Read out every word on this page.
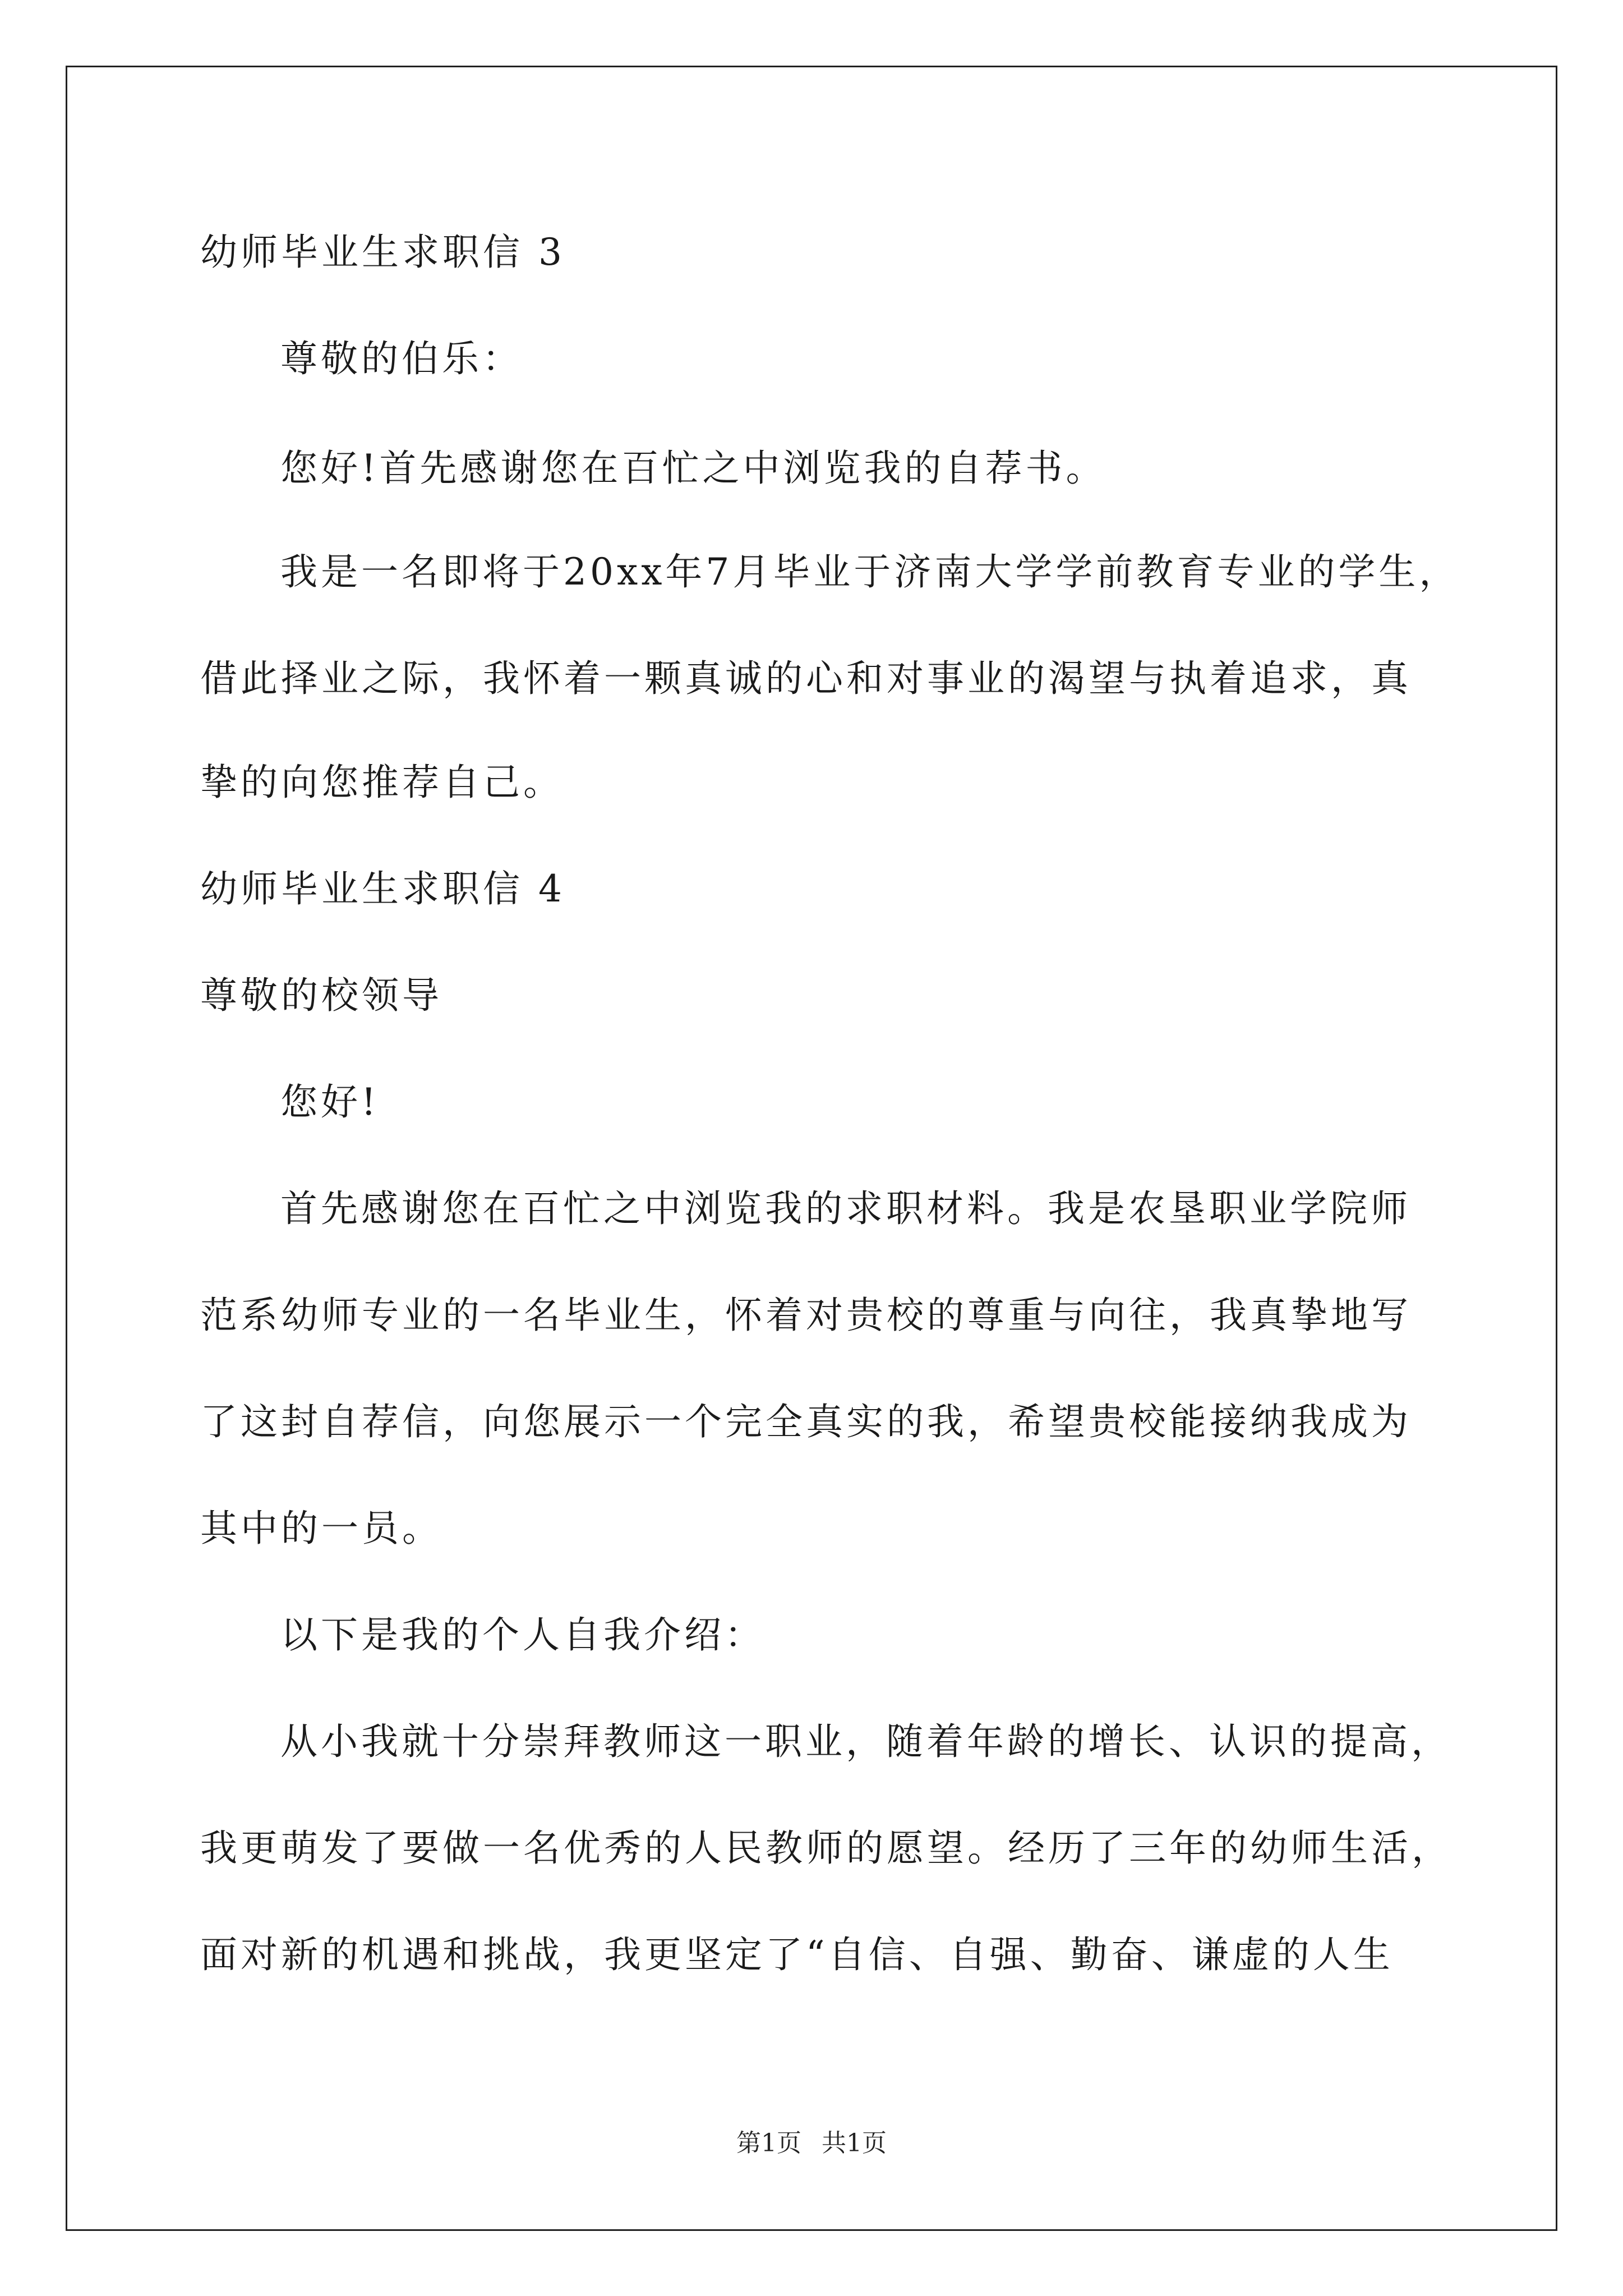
幼师毕业生求职信 3
尊敬的伯乐：
您好!首先感谢您在百忙之中浏览我的自荐书。
我是一名即将于20xx年7月毕业于济南大学学前教育专业的学生，
借此择业之际，我怀着一颗真诚的心和对事业的渴望与执着追求，真
挚的向您推荐自己。
幼师毕业生求职信 4
尊敬的校领导
您好!
首先感谢您在百忙之中浏览我的求职材料。我是农垦职业学院师
范系幼师专业的一名毕业生，怀着对贵校的尊重与向往，我真挚地写
了这封自荐信，向您展示一个完全真实的我，希望贵校能接纳我成为
其中的一员。
以下是我的个人自我介绍：
从小我就十分崇拜教师这一职业，随着年龄的增长、认识的提高，
我更萌发了要做一名优秀的人民教师的愿望。经历了三年的幼师生活，
面对新的机遇和挑战，我更坚定了“自信、自强、勤奋、谦虚的人生
第1页 共1页
